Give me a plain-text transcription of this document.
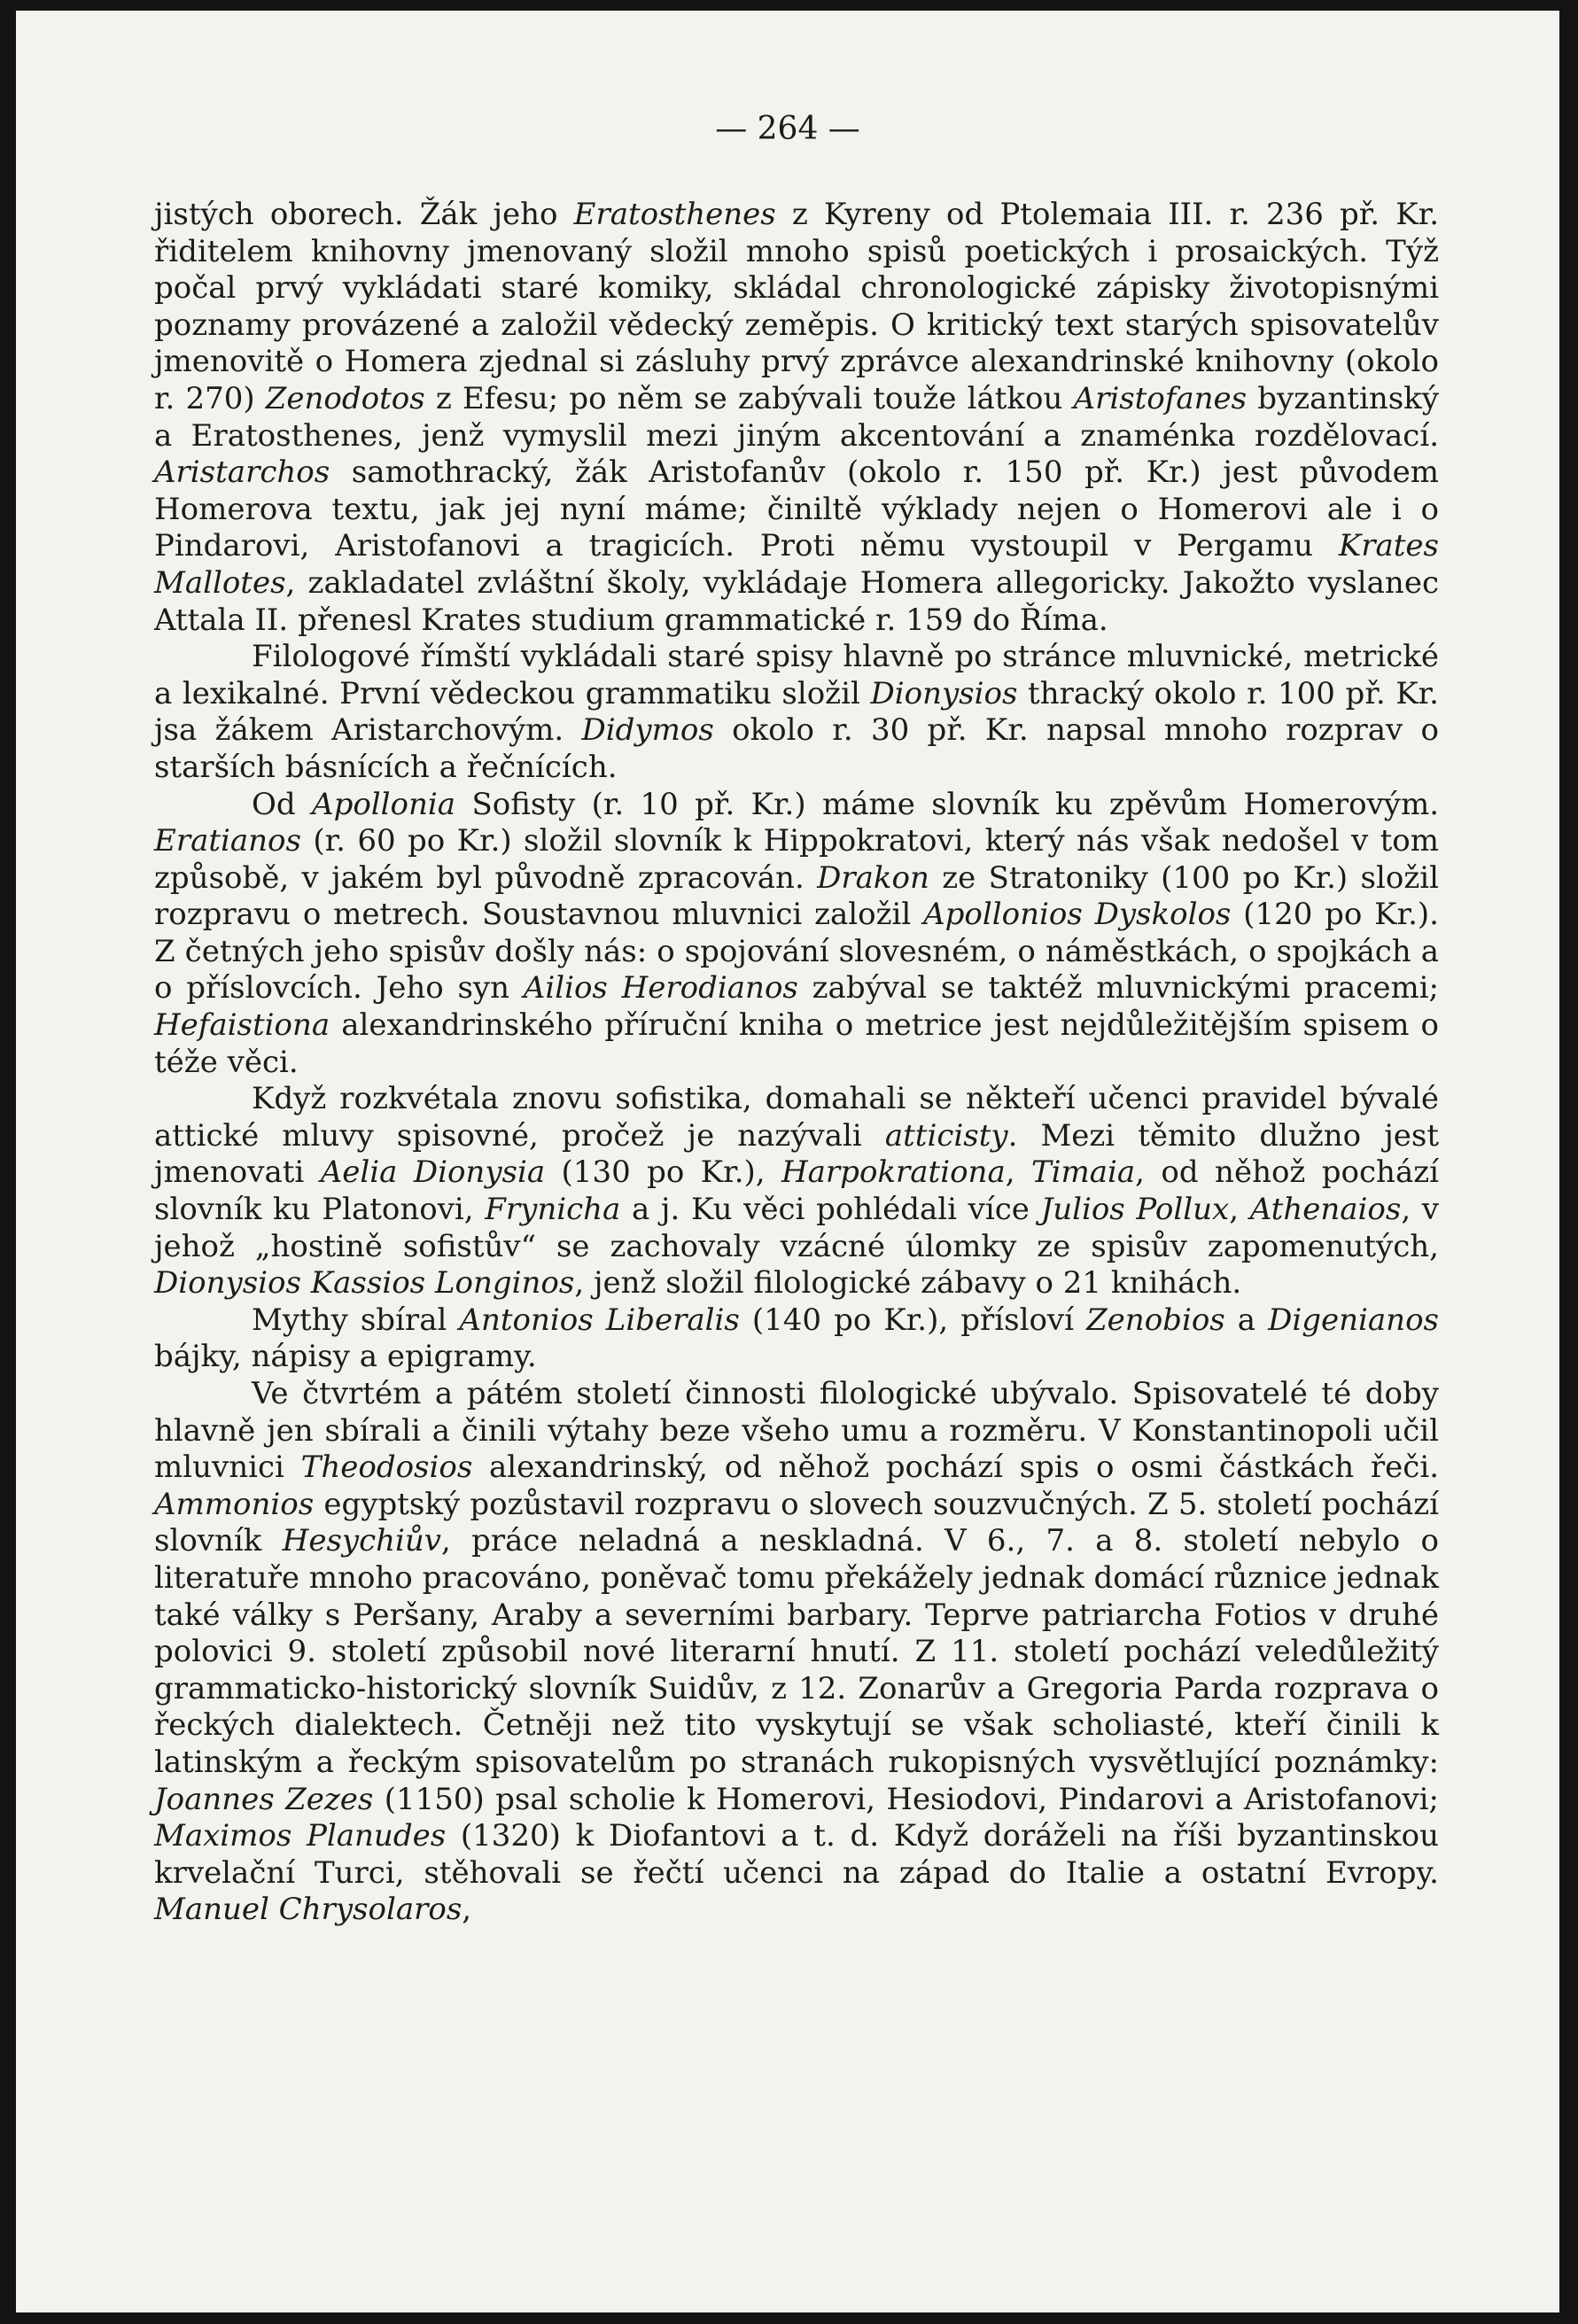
— 264 —

jistých oborech. Žák jeho Eratosthenes z Kyreny od Ptolemaia III. r. 236 př. Kr. řiditelem knihovny jmenovaný složil mnoho spisů poetických i prosaických. Týž počal prvý vykládati staré komiky, skládal chronologické zápisky životopisnými poznamy provázené a založil vědecký zeměpis. O kritický text starých spisovatelův jmenovitě o Homera zjednal si zásluhy prvý zprávce alexandrinské knihovny (okolo r. 270) Zenodotos z Efesu; po něm se zabývali touže látkou Aristofanes byzantinský a Eratosthenes, jenž vymyslil mezi jiným akcentování a znaménka rozdělovací. Aristarchos samothracký, žák Aristofanův (okolo r. 150 př. Kr.) jest původem Homerova textu, jak jej nyní máme; činiltě výklady nejen o Homerovi ale i o Pindarovi, Aristofanovi a tragicích. Proti němu vystoupil v Pergamu Krates Mallotes, zakladatel zvláštní školy, vykládaje Homera allegoricky. Jakožto vyslanec Attala II. přenesl Krates studium grammatické r. 159 do Říma.

Filologové římští vykládali staré spisy hlavně po stránce mluvnické, metrické a lexikalné. První vědeckou grammatiku složil Dionysios thracký okolo r. 100 př. Kr. jsa žákem Aristarchovým. Didymos okolo r. 30 př. Kr. napsal mnoho rozprav o starších básnících a řečnících.

Od Apollonia Sofisty (r. 10 př. Kr.) máme slovník ku zpěvům Homerovým. Eratianos (r. 60 po Kr.) složil slovník k Hippokratovi, který nás však nedošel v tom způsobě, v jakém byl původně zpracován. Drakon ze Stratoniky (100 po Kr.) složil rozpravu o metrech. Soustavnou mluvnici založil Apollonios Dyskolos (120 po Kr.). Z četných jeho spisův došly nás: o spojování slovesném, o náměstkách, o spojkách a o příslovcích. Jeho syn Ailios Herodianos zabýval se taktéž mluvnickými pracemi; Hefaistiona alexandrinského příruční kniha o metrice jest nejdůležitějším spisem o téže věci.

Když rozkvétala znovu sofistika, domahali se někteří učenci pravidel bývalé attické mluvy spisovné, pročež je nazývali atticisty. Mezi těmito dlužno jest jmenovati Aelia Dionysia (130 po Kr.), Harpokrationa, Timaia, od něhož pochází slovník ku Platonovi, Frynicha a j. Ku věci pohlédali více Julios Pollux, Athenaios, v jehož „hostině sofistův“ se zachovaly vzácné úlomky ze spisův zapomenutých, Dionysios Kassios Longinos, jenž složil filologické zábavy o 21 knihách.

Mythy sbíral Antonios Liberalis (140 po Kr.), přísloví Zenobios a Digenianos bájky, nápisy a epigramy.

Ve čtvrtém a pátém století činnosti filologické ubývalo. Spisovatelé té doby hlavně jen sbírali a činili výtahy beze všeho umu a rozměru. V Konstantinopoli učil mluvnici Theodosios alexandrinský, od něhož pochází spis o osmi částkách řeči. Ammonios egyptský pozůstavil rozpravu o slovech souzvučných. Z 5. století pochází slovník Hesychiův, práce neladná a neskladná. V 6., 7. a 8. století nebylo o literatuře mnoho pracováno, poněvač tomu překážely jednak domácí různice jednak také války s Peršany, Araby a severními barbary. Teprve patriarcha Fotios v druhé polovici 9. století způsobil nové literarní hnutí. Z 11. století pochází veledůležitý grammaticko-historický slovník Suidův, z 12. Zonarův a Gregoria Parda rozprava o řeckých dialektech. Četněji než tito vyskytují se však scholiasté, kteří činili k latinským a řeckým spisovatelům po stranách rukopisných vysvětlující poznámky: Joannes Zezes (1150) psal scholie k Homerovi, Hesiodovi, Pindarovi a Aristofanovi; Maximos Planudes (1320) k Diofantovi a t. d. Když doráželi na říši byzantinskou krvelační Turci, stěhovali se řečtí učenci na západ do Italie a ostatní Evropy. Manuel Chrysolaros,
